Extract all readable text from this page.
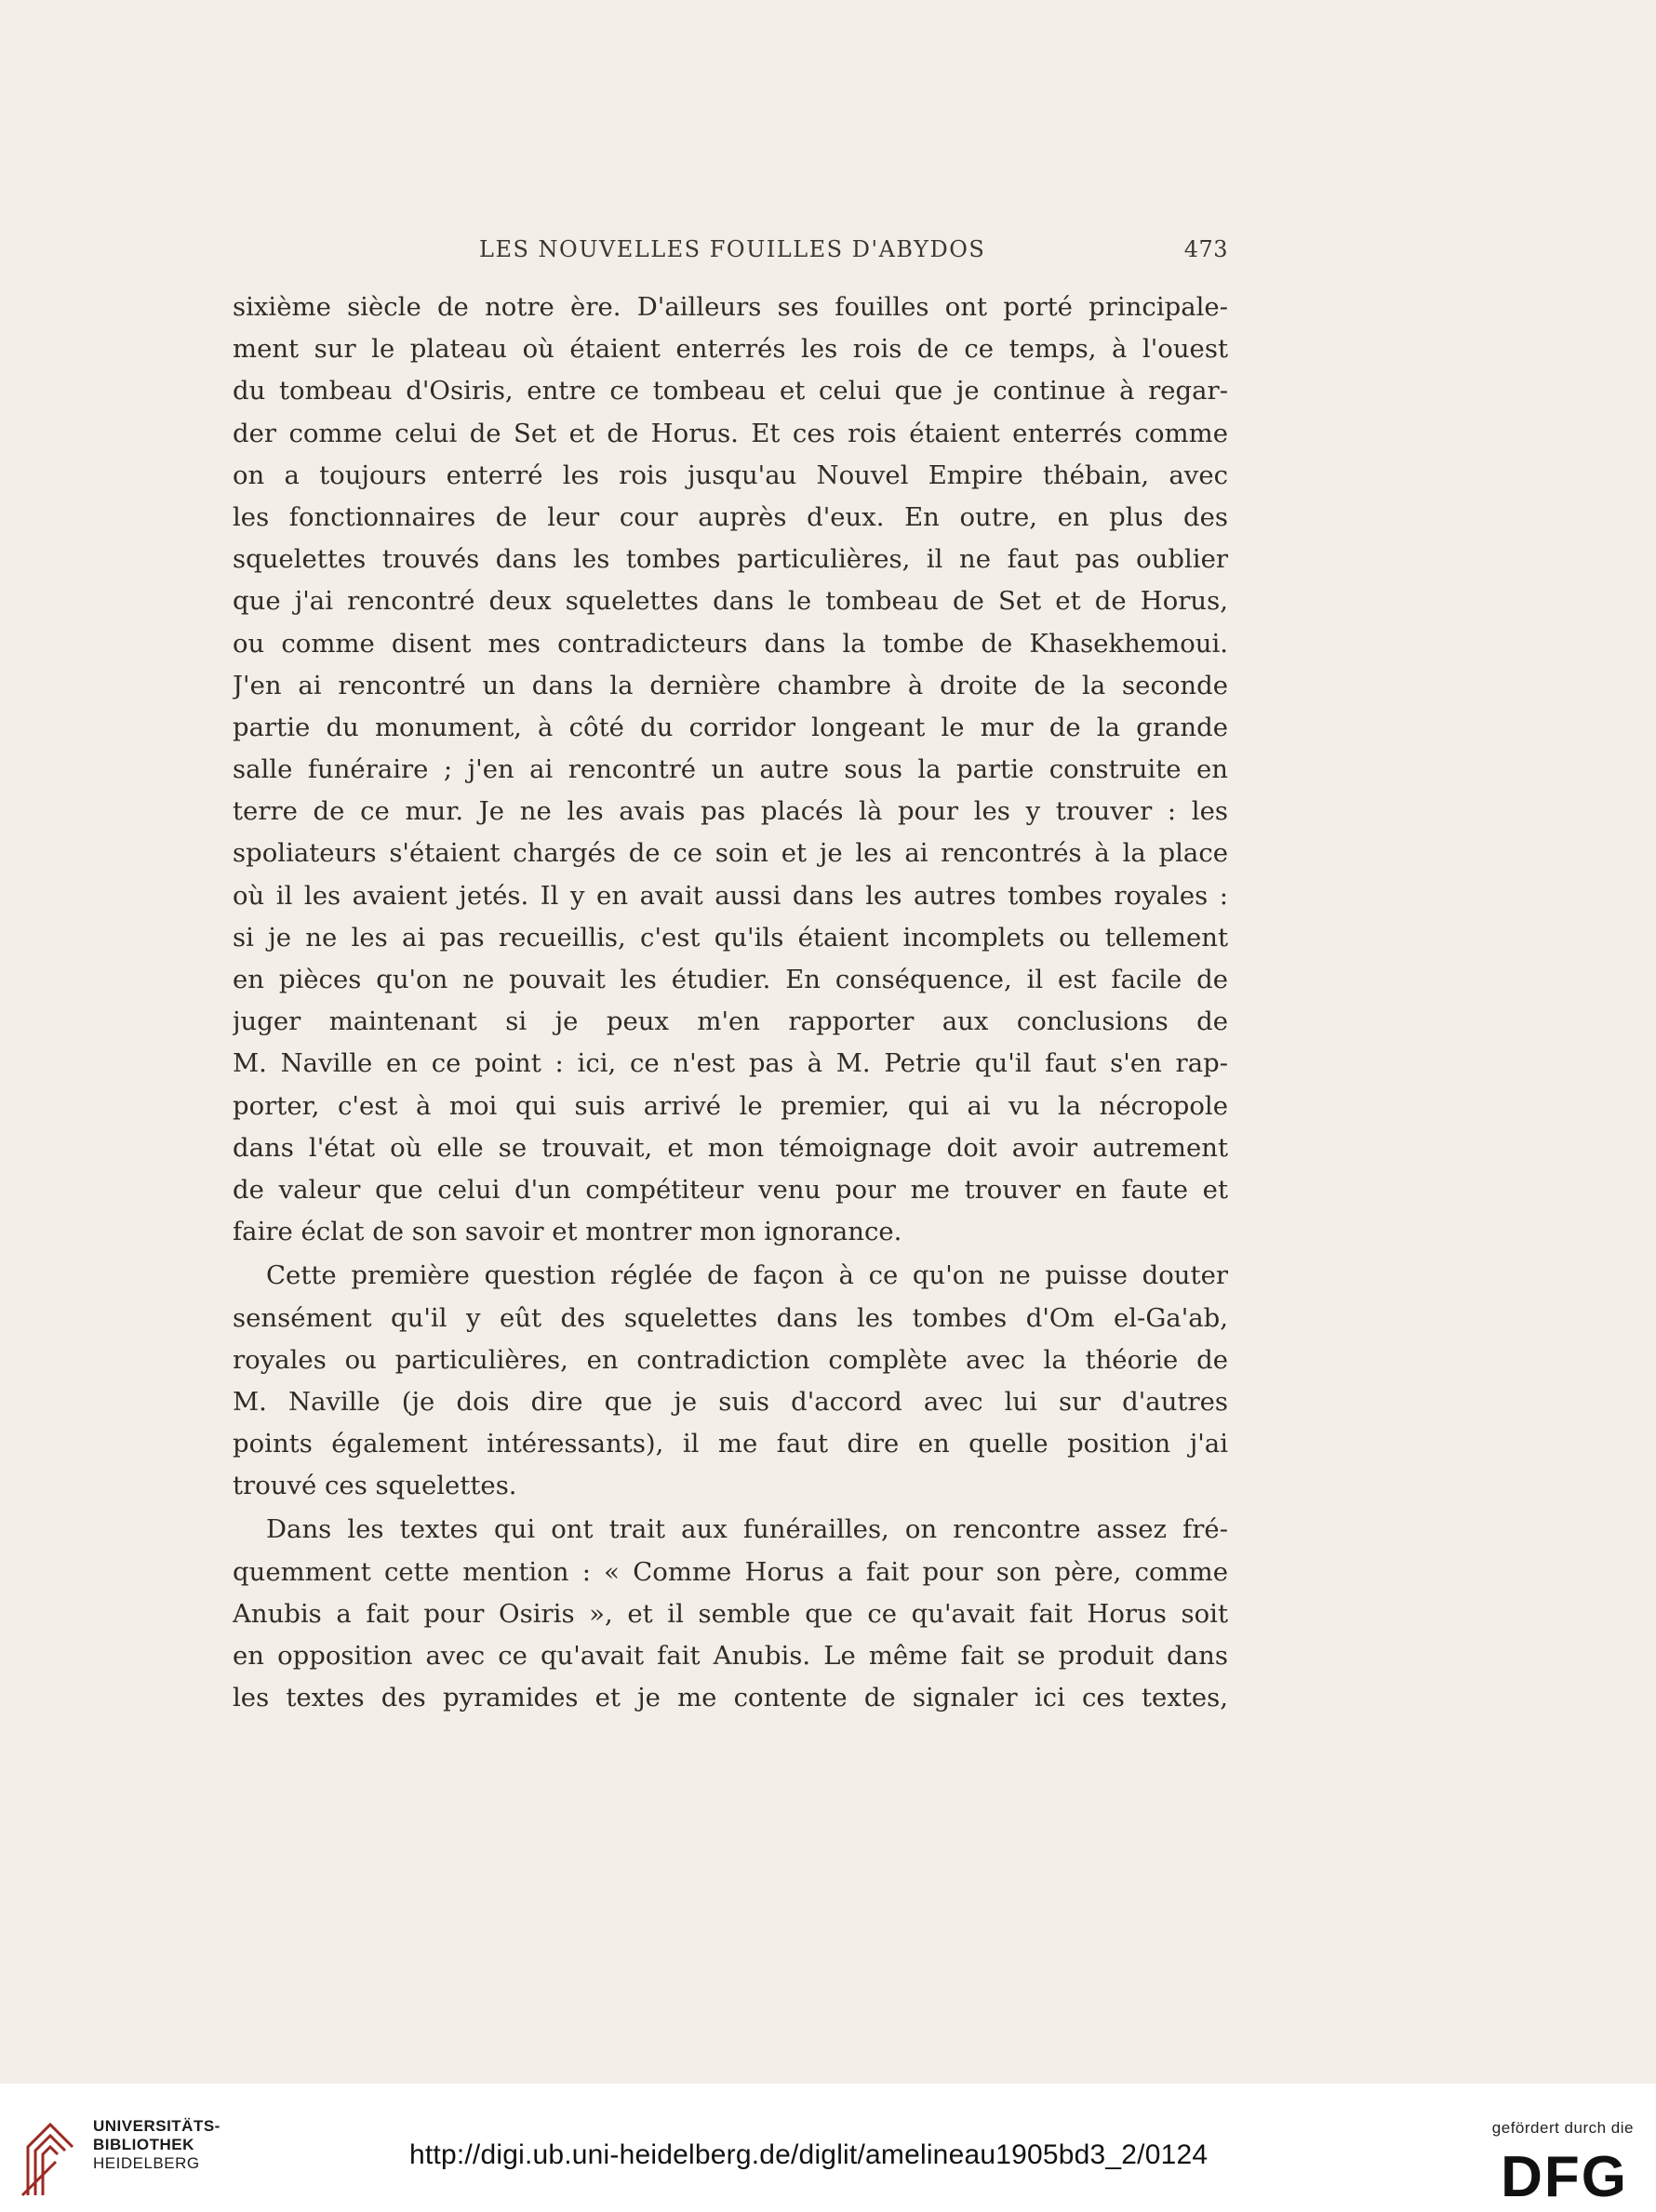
LES NOUVELLES FOUILLES D'ABYDOS	473
sixième siècle de notre ère. D'ailleurs ses fouilles ont porté principale-
ment sur le plateau où étaient enterrés les rois de ce temps, à l'ouest
du tombeau d'Osiris, entre ce tombeau et celui que je continue à regar-
der comme celui de Set et de Horus. Et ces rois étaient enterrés comme
on a toujours enterré les rois jusqu'au Nouvel Empire thébain, avec
les fonctionnaires de leur cour auprès d'eux. En outre, en plus des
squelettes trouvés dans les tombes particulières, il ne faut pas oublier
que j'ai rencontré deux squelettes dans le tombeau de Set et de Horus,
ou comme disent mes contradicteurs dans la tombe de Khasekhemoui.
J'en ai rencontré un dans la dernière chambre à droite de la seconde
partie du monument, à côté du corridor longeant le mur de la grande
salle funéraire ; j'en ai rencontré un autre sous la partie construite en
terre de ce mur. Je ne les avais pas placés là pour les y trouver : les
spoliateurs s'étaient chargés de ce soin et je les ai rencontrés à la place
où il les avaient jetés. Il y en avait aussi dans les autres tombes royales :
si je ne les ai pas recueillis, c'est qu'ils étaient incomplets ou tellement
en pièces qu'on ne pouvait les étudier. En conséquence, il est facile de
juger maintenant si je peux m'en rapporter aux conclusions de
M. Naville en ce point : ici, ce n'est pas à M. Petrie qu'il faut s'en rap-
porter, c'est à moi qui suis arrivé le premier, qui ai vu la nécropole
dans l'état où elle se trouvait, et mon témoignage doit avoir autrement
de valeur que celui d'un compétiteur venu pour me trouver en faute et
faire éclat de son savoir et montrer mon ignorance.
Cette première question réglée de façon à ce qu'on ne puisse douter
sensément qu'il y eût des squelettes dans les tombes d'Om el-Ga'ab,
royales ou particulières, en contradiction complète avec la théorie de
M. Naville (je dois dire que je suis d'accord avec lui sur d'autres
points également intéressants), il me faut dire en quelle position j'ai
trouvé ces squelettes.
Dans les textes qui ont trait aux funérailles, on rencontre assez fré-
quemment cette mention : « Comme Horus a fait pour son père, comme
Anubis a fait pour Osiris », et il semble que ce qu'avait fait Horus soit
en opposition avec ce qu'avait fait Anubis. Le même fait se produit dans
les textes des pyramides et je me contente de signaler ici ces textes,
UNIVERSITÄTS-
BIBLIOTHEK
HEIDELBERG	http://digi.ub.uni-heidelberg.de/diglit/amelineau1905bd3_2/0124
gefördert durch die
DFG
